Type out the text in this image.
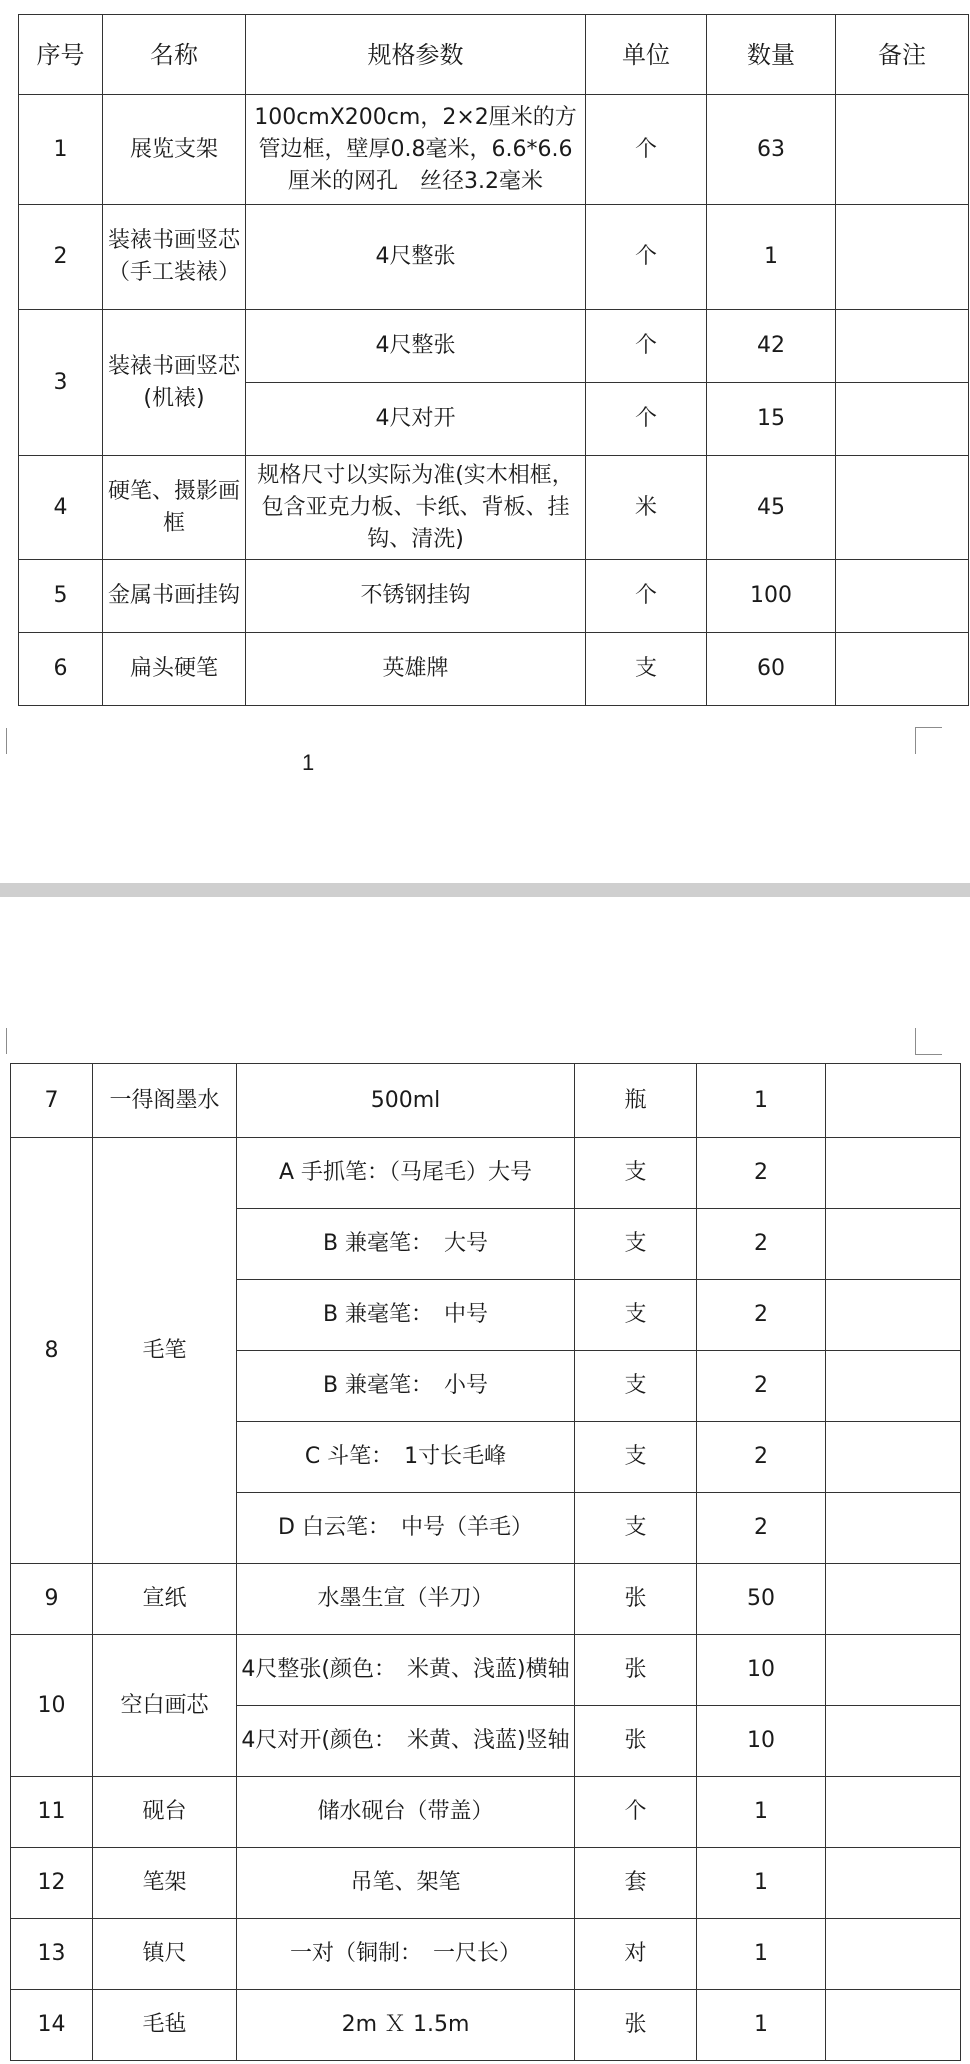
序号	名称	规格参数	单位	数量	备注
1	展览支架	100cmX200cm，2×2厘米的方管边框，壁厚0.8毫米，6.6*6.6厘米的网孔　丝径3.2毫米	个	63	
2	装裱书画竖芯（手工装裱）	4尺整张	个	1	
3	装裱书画竖芯(机裱)	4尺整张	个	42	
		4尺对开	个	15	
4	硬笔、摄影画框	规格尺寸以实际为准(实木相框，包含亚克力板、卡纸、背板、挂钩、清洗)	米	45	
5	金属书画挂钩	不锈钢挂钩	个	100	
6	扁头硬笔	英雄牌	支	60	
1
7	一得阁墨水	500ml	瓶	1	
8	毛笔	A 手抓笔：（马尾毛）大号	支	2	
		B 兼毫笔：　大号	支	2	
		B 兼毫笔：　中号	支	2	
		B 兼毫笔：　小号	支	2	
		C 斗笔：　1寸长毛峰	支	2	
		D 白云笔：　中号（羊毛）	支	2	
9	宣纸	水墨生宣（半刀）	张	50	
10	空白画芯	4尺整张(颜色：　米黄、浅蓝)横轴	张	10	
		4尺对开(颜色：　米黄、浅蓝)竖轴	张	10	
11	砚台	储水砚台（带盖）	个	1	
12	笔架	吊笔、架笔	套	1	
13	镇尺	一对（铜制：　一尺长）	对	1	
14	毛毡	2m Ｘ 1.5m	张	1	
